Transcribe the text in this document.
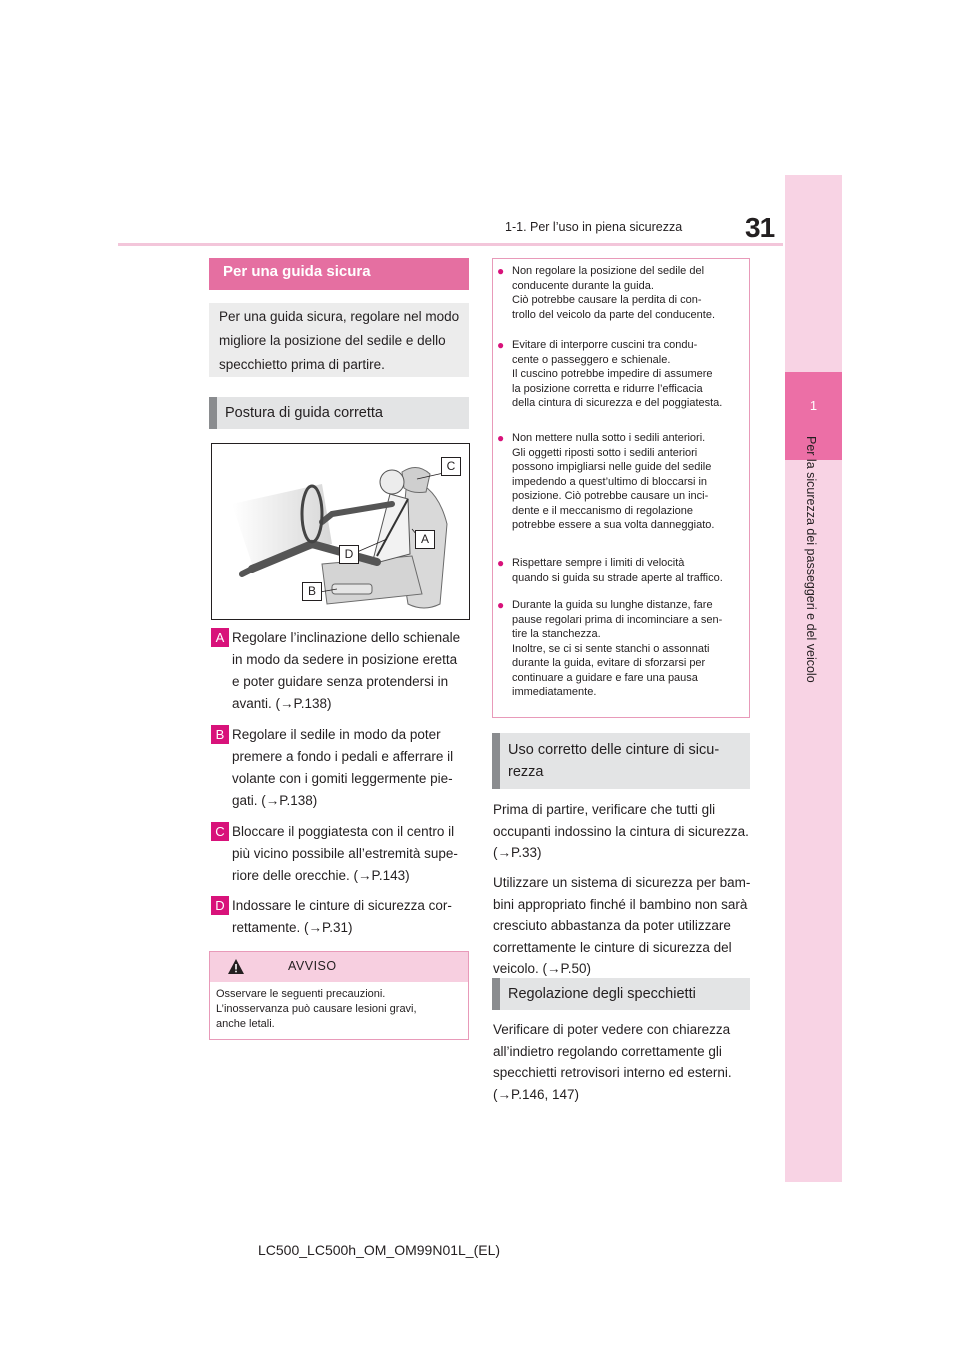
31
1-1. Per l’uso in piena sicurezza
1
Per la sicurezza dei passeggeri e del veicolo
Per una guida sicura
Per una guida sicura, regolare nel modo migliore la posizione del sedile e dello specchietto prima di partire.
Postura di guida corretta
C
A
D
B
A Regolare l’inclinazione dello schienale
in modo da sedere in posizione eretta
e poter guidare senza protendersi in
avanti. (→P.138)
B Regolare il sedile in modo da poter
premere a fondo i pedali e afferrare il
volante con i gomiti leggermente pie-
gati. (→P.138)
C Bloccare il poggiatesta con il centro il
più vicino possibile all’estremità supe-
riore delle orecchie. (→P.143)
D Indossare le cinture di sicurezza cor-
rettamente. (→P.31)
AVVISO
Osservare le seguenti precauzioni.
L’inosservanza può causare lesioni gravi,
anche letali.
● Non regolare la posizione del sedile del
conducente durante la guida.
Ciò potrebbe causare la perdita di con-
trollo del veicolo da parte del conducente.
● Evitare di interporre cuscini tra condu-
cente o passeggero e schienale.
Il cuscino potrebbe impedire di assumere
la posizione corretta e ridurre l’efficacia
della cintura di sicurezza e del poggiatesta.
● Non mettere nulla sotto i sedili anteriori.
Gli oggetti riposti sotto i sedili anteriori
possono impigliarsi nelle guide del sedile
impedendo a quest’ultimo di bloccarsi in
posizione. Ciò potrebbe causare un inci-
dente e il meccanismo di regolazione
potrebbe essere a sua volta danneggiato.
● Rispettare sempre i limiti di velocità
quando si guida su strade aperte al traffico.
● Durante la guida su lunghe distanze, fare
pause regolari prima di incominciare a sen-
tire la stanchezza.
Inoltre, se ci si sente stanchi o assonnati
durante la guida, evitare di sforzarsi per
continuare a guidare e fare una pausa
immediatamente.
Uso corretto delle cinture di sicu-
rezza
Prima di partire, verificare che tutti gli
occupanti indossino la cintura di sicurezza.
(→P.33)
Utilizzare un sistema di sicurezza per bam-
bini appropriato finché il bambino non sarà
cresciuto abbastanza da poter utilizzare
correttamente le cinture di sicurezza del
veicolo. (→P.50)
Regolazione degli specchietti
Verificare di poter vedere con chiarezza
all’indietro regolando correttamente gli
specchietti retrovisori interno ed esterni.
(→P.146, 147)
LC500_LC500h_OM_OM99N01L_(EL)
